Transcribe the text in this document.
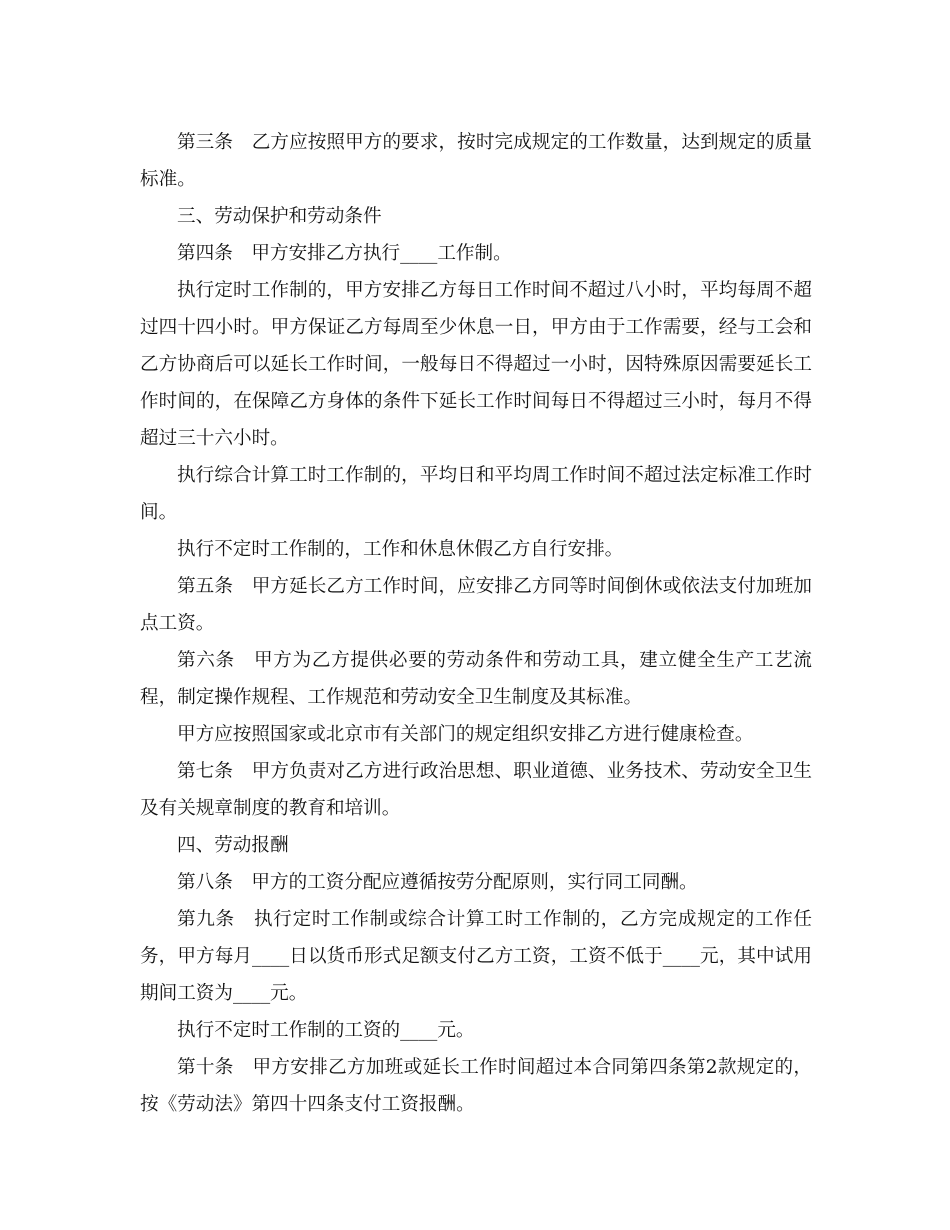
第三条　乙方应按照甲方的要求，按时完成规定的工作数量，达到规定的质量标准。

三、劳动保护和劳动条件

第四条　甲方安排乙方执行____工作制。

执行定时工作制的，甲方安排乙方每日工作时间不超过八小时，平均每周不超过四十四小时。甲方保证乙方每周至少休息一日，甲方由于工作需要，经与工会和乙方协商后可以延长工作时间，一般每日不得超过一小时，因特殊原因需要延长工作时间的，在保障乙方身体的条件下延长工作时间每日不得超过三小时，每月不得超过三十六小时。

执行综合计算工时工作制的，平均日和平均周工作时间不超过法定标准工作时间。

执行不定时工作制的，工作和休息休假乙方自行安排。

第五条　甲方延长乙方工作时间，应安排乙方同等时间倒休或依法支付加班加点工资。

第六条　甲方为乙方提供必要的劳动条件和劳动工具，建立健全生产工艺流程，制定操作规程、工作规范和劳动安全卫生制度及其标准。

甲方应按照国家或北京市有关部门的规定组织安排乙方进行健康检查。

第七条　甲方负责对乙方进行政治思想、职业道德、业务技术、劳动安全卫生及有关规章制度的教育和培训。

四、劳动报酬

第八条　甲方的工资分配应遵循按劳分配原则，实行同工同酬。

第九条　执行定时工作制或综合计算工时工作制的，乙方完成规定的工作任务，甲方每月____日以货币形式足额支付乙方工资，工资不低于____元，其中试用期间工资为____元。

执行不定时工作制的工资的____元。

第十条　甲方安排乙方加班或延长工作时间超过本合同第四条第2款规定的，按《劳动法》第四十四条支付工资报酬。
